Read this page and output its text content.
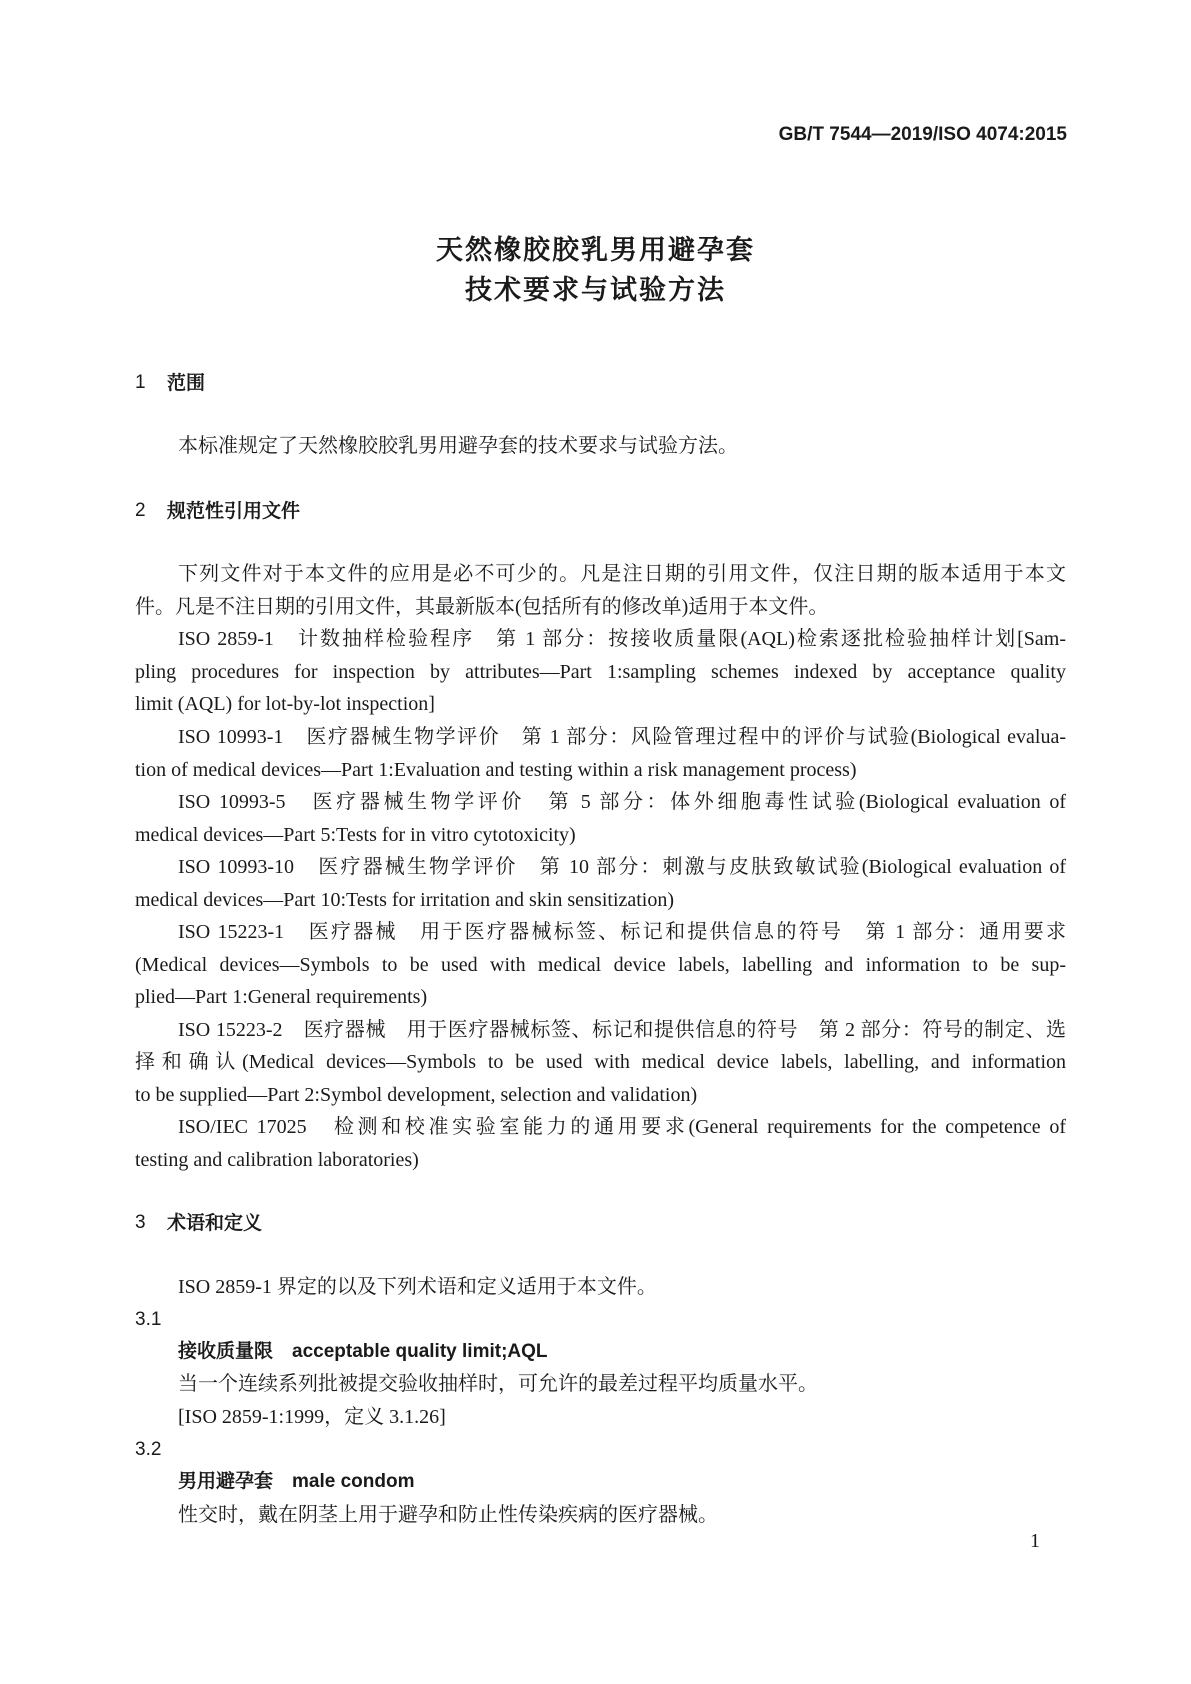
GB/T 7544—2019/ISO 4074:2015
天然橡胶胶乳男用避孕套
技术要求与试验方法
1 范围
本标准规定了天然橡胶胶乳男用避孕套的技术要求与试验方法。
2 规范性引用文件
下列文件对于本文件的应用是必不可少的。凡是注日期的引用文件，仅注日期的版本适用于本文
件。凡是不注日期的引用文件，其最新版本(包括所有的修改单)适用于本文件。
ISO 2859-1　计数抽样检验程序　第 1 部分：按接收质量限(AQL)检索逐批检验抽样计划[Sam-
pling procedures for inspection by attributes—Part 1:sampling schemes indexed by acceptance quality
limit (AQL) for lot-by-lot inspection]
ISO 10993-1　医疗器械生物学评价　第 1 部分：风险管理过程中的评价与试验(Biological evalua-
tion of medical devices—Part 1:Evaluation and testing within a risk management process)
ISO 10993-5　医疗器械生物学评价　第 5 部分：体外细胞毒性试验(Biological evaluation of
medical devices—Part 5:Tests for in vitro cytotoxicity)
ISO 10993-10　医疗器械生物学评价　第 10 部分：刺激与皮肤致敏试验(Biological evaluation of
medical devices—Part 10:Tests for irritation and skin sensitization)
ISO 15223-1　医疗器械　用于医疗器械标签、标记和提供信息的符号　第 1 部分：通用要求
(Medical devices—Symbols to be used with medical device labels, labelling and information to be sup-
plied—Part 1:General requirements)
ISO 15223-2　医疗器械　用于医疗器械标签、标记和提供信息的符号　第 2 部分：符号的制定、选
择和确认(Medical devices—Symbols to be used with medical device labels, labelling, and information
to be supplied—Part 2:Symbol development, selection and validation)
ISO/IEC 17025　检测和校准实验室能力的通用要求(General requirements for the competence of
testing and calibration laboratories)
3 术语和定义
ISO 2859-1 界定的以及下列术语和定义适用于本文件。
3.1
接收质量限　acceptable quality limit;AQL
当一个连续系列批被提交验收抽样时，可允许的最差过程平均质量水平。
[ISO 2859-1:1999，定义 3.1.26]
3.2
男用避孕套　male condom
性交时，戴在阴茎上用于避孕和防止性传染疾病的医疗器械。
1
